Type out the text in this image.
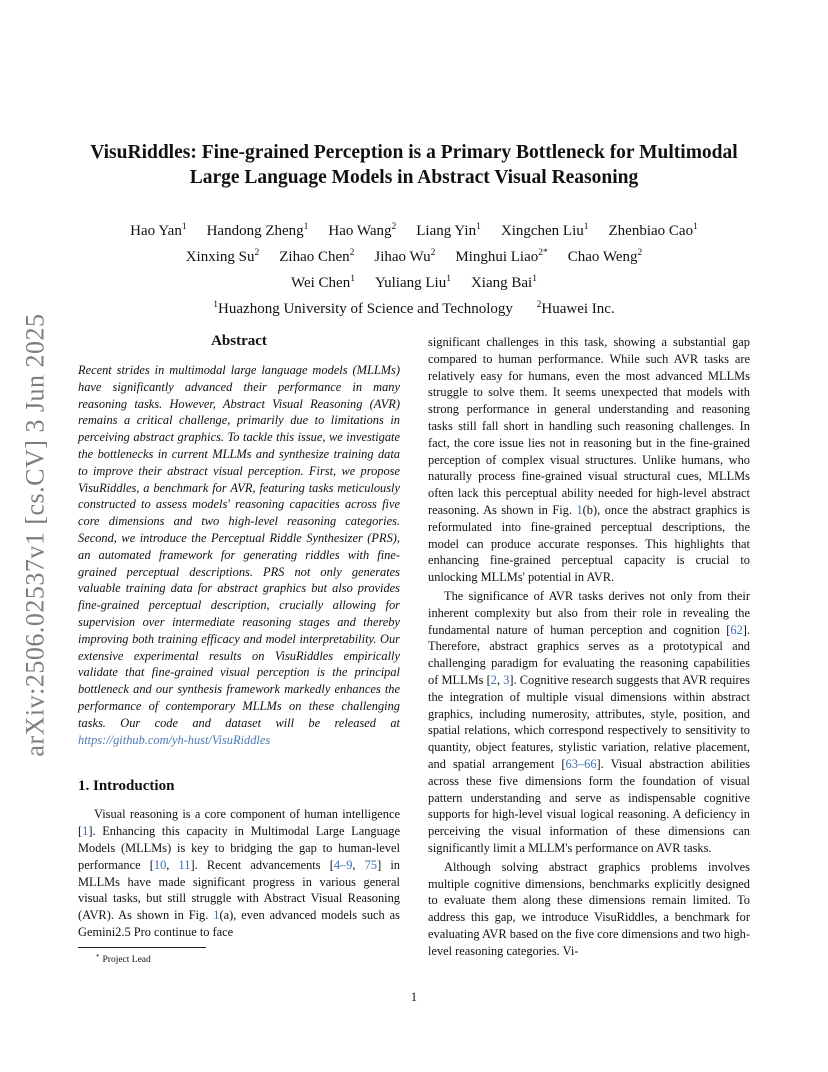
arXiv:2506.02537v1 [cs.CV] 3 Jun 2025
VisuRiddles: Fine-grained Perception is a Primary Bottleneck for Multimodal
Large Language Models in Abstract Visual Reasoning
Hao Yan$^1$ Handong Zheng$^1$ Hao Wang$^2$ Liang Yin$^1$ Xingchen Liu$^1$ Zhenbiao Cao$^1$
Xinxing Su$^2$ Zihao Chen$^2$ Jihao Wu$^2$ Minghui Liao$^{2*}$ Chao Weng$^2$
Wei Chen$^1$ Yuliang Liu$^1$ Xiang Bai$^1$
$^1$Huazhong University of Science and Technology	$^2$Huawei Inc.
Abstract
Recent strides in multimodal large language models (MLLMs) have significantly advanced their performance in many reasoning tasks. However, Abstract Visual Reasoning (AVR) remains a critical challenge, primarily due to limitations in perceiving abstract graphics. To tackle this issue, we investigate the bottlenecks in current MLLMs and synthesize training data to improve their abstract visual perception. First, we propose VisuRiddles, a benchmark for AVR, featuring tasks meticulously constructed to assess models' reasoning capacities across five core dimensions and two high-level reasoning categories. Second, we introduce the Perceptual Riddle Synthesizer (PRS), an automated framework for generating riddles with fine-grained perceptual descriptions. PRS not only generates valuable training data for abstract graphics but also provides fine-grained perceptual description, crucially allowing for supervision over intermediate reasoning stages and thereby improving both training efficacy and model interpretability. Our extensive experimental results on VisuRiddles empirically validate that fine-grained visual perception is the principal bottleneck and our synthesis framework markedly enhances the performance of contemporary MLLMs on these challenging tasks. Our code and dataset will be released at https://github.com/yh-hust/VisuRiddles
1. Introduction

Visual reasoning is a core component of human intelligence [1]. Enhancing this capacity in Multimodal Large Language Models (MLLMs) is key to bridging the gap to human-level performance [10, 11]. Recent advancements [4–9, 75] in MLLMs have made significant progress in various general visual tasks, but still struggle with Abstract Visual Reasoning (AVR). As shown in Fig. 1(a), even advanced models such as Gemini2.5 Pro continue to face

significant challenges in this task, showing a substantial gap compared to human performance. While such AVR tasks are relatively easy for humans, even the most advanced MLLMs struggle to solve them. It seems unexpected that models with strong performance in general understanding and reasoning tasks still fall short in handling such reasoning challenges. In fact, the core issue lies not in reasoning but in the fine-grained perception of complex visual structures. Unlike humans, who naturally process fine-grained visual structural cues, MLLMs often lack this perceptual ability needed for high-level abstract reasoning. As shown in Fig. 1(b), once the abstract graphics is reformulated into fine-grained perceptual descriptions, the model can produce accurate responses. This highlights that enhancing fine-grained perceptual capacity is crucial to unlocking MLLMs' potential in AVR.

The significance of AVR tasks derives not only from their inherent complexity but also from their role in revealing the fundamental nature of human perception and cognition [62]. Therefore, abstract graphics serves as a prototypical and challenging paradigm for evaluating the reasoning capabilities of MLLMs [2, 3]. Cognitive research suggests that AVR requires the integration of multiple visual dimensions within abstract graphics, including numerosity, attributes, style, position, and spatial relations, which correspond respectively to sensitivity to quantity, object features, stylistic variation, relative placement, and spatial arrangement [63–66]. Visual abstraction abilities across these five dimensions form the foundation of visual pattern understanding and serve as indispensable cognitive supports for high-level visual logical reasoning. A deficiency in perceiving the visual information of these dimensions can significantly limit a MLLM's performance on AVR tasks.

Although solving abstract graphics problems involves multiple cognitive dimensions, benchmarks explicitly designed to evaluate them along these dimensions remain limited. To address this gap, we introduce VisuRiddles, a benchmark for evaluating AVR based on the five core dimensions and two high-level reasoning categories. Vi-

* Project Lead
1
